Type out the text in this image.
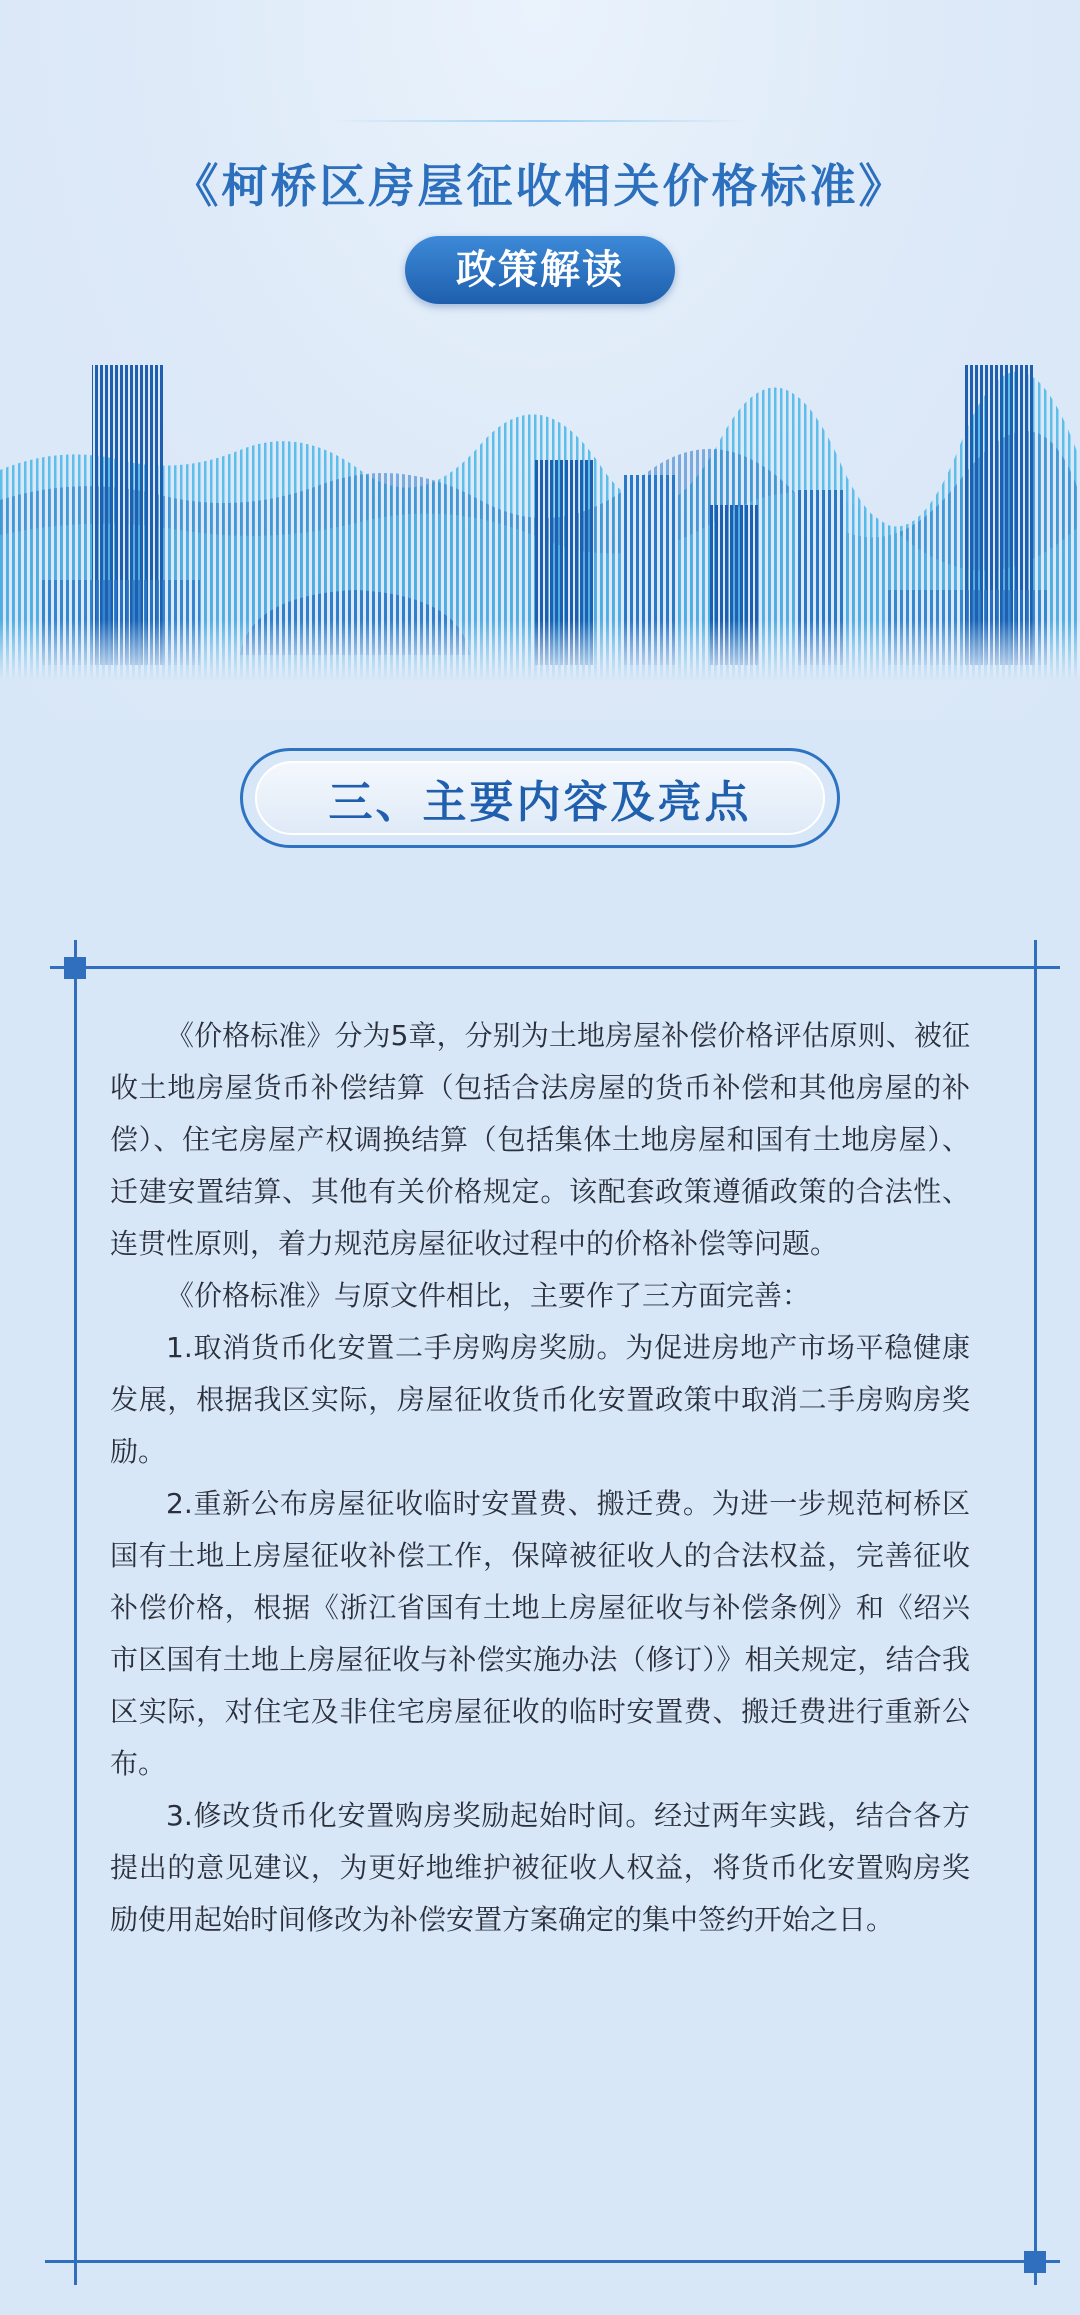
《柯桥区房屋征收相关价格标准》
政策解读
三、主要内容及亮点

《价格标准》分为5章，分别为土地房屋补偿价格评估原则、被征收土地房屋货币补偿结算（包括合法房屋的货币补偿和其他房屋的补偿）、住宅房屋产权调换结算（包括集体土地房屋和国有土地房屋）、迁建安置结算、其他有关价格规定。该配套政策遵循政策的合法性、连贯性原则，着力规范房屋征收过程中的价格补偿等问题。

《价格标准》与原文件相比，主要作了三方面完善：

1.取消货币化安置二手房购房奖励。为促进房地产市场平稳健康发展，根据我区实际，房屋征收货币化安置政策中取消二手房购房奖励。

2.重新公布房屋征收临时安置费、搬迁费。为进一步规范柯桥区国有土地上房屋征收补偿工作，保障被征收人的合法权益，完善征收补偿价格，根据《浙江省国有土地上房屋征收与补偿条例》和《绍兴市区国有土地上房屋征收与补偿实施办法（修订）》相关规定，结合我区实际，对住宅及非住宅房屋征收的临时安置费、搬迁费进行重新公布。

3.修改货币化安置购房奖励起始时间。经过两年实践，结合各方提出的意见建议，为更好地维护被征收人权益，将货币化安置购房奖励使用起始时间修改为补偿安置方案确定的集中签约开始之日。
